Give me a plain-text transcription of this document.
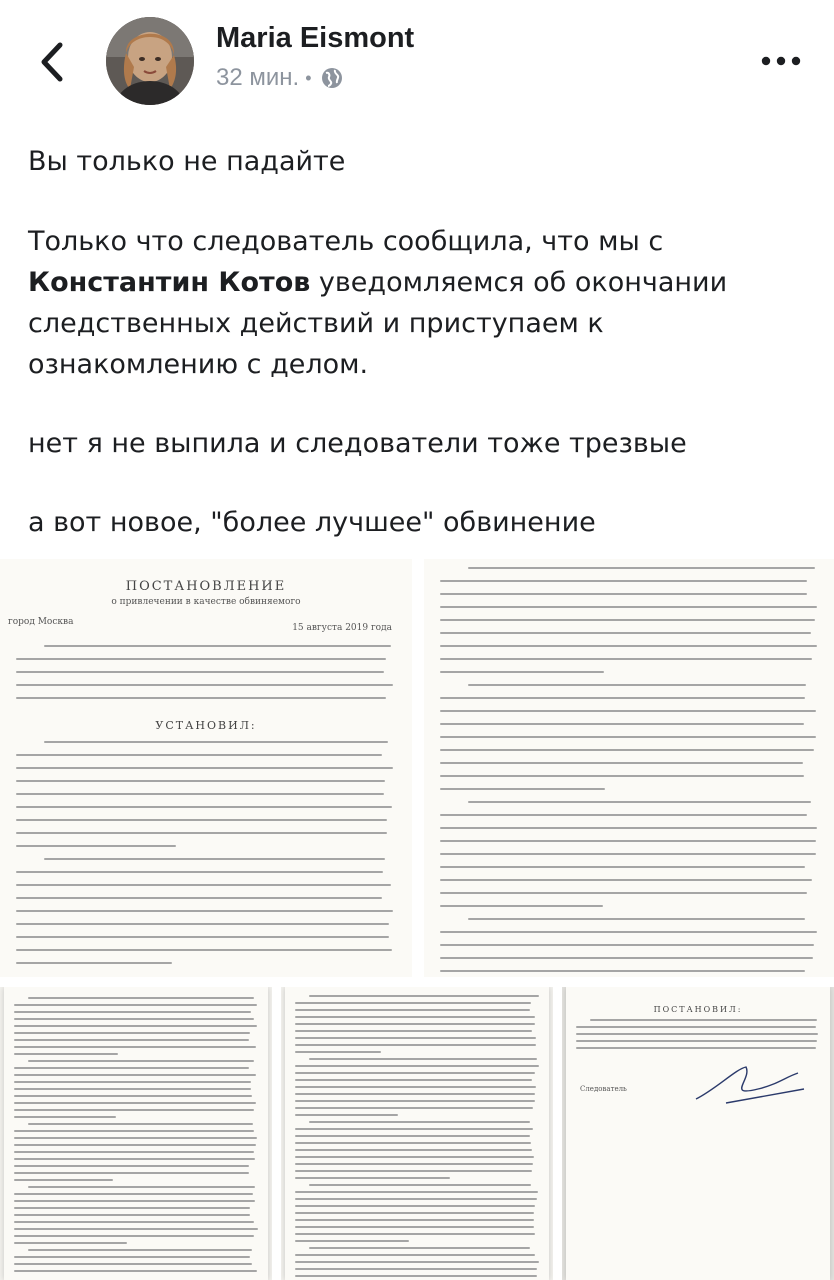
Maria Eismont
32 мин. •

Вы только не падайте

Только что следователь сообщила, что мы с

Константин Котов уведомляемся об окончании

следственных действий и приступаем к

ознакомлению с делом.

нет я не выпила и следователи тоже трезвые

а вот новое, "более лучшее" обвинение

ПОСТАНОВЛЕНИЕ
о привлечении в качестве обвиняемого
город Москва
15 августа 2019 года
УСТАНОВИЛ:
ПОСТАНОВИЛ:
Следователь
